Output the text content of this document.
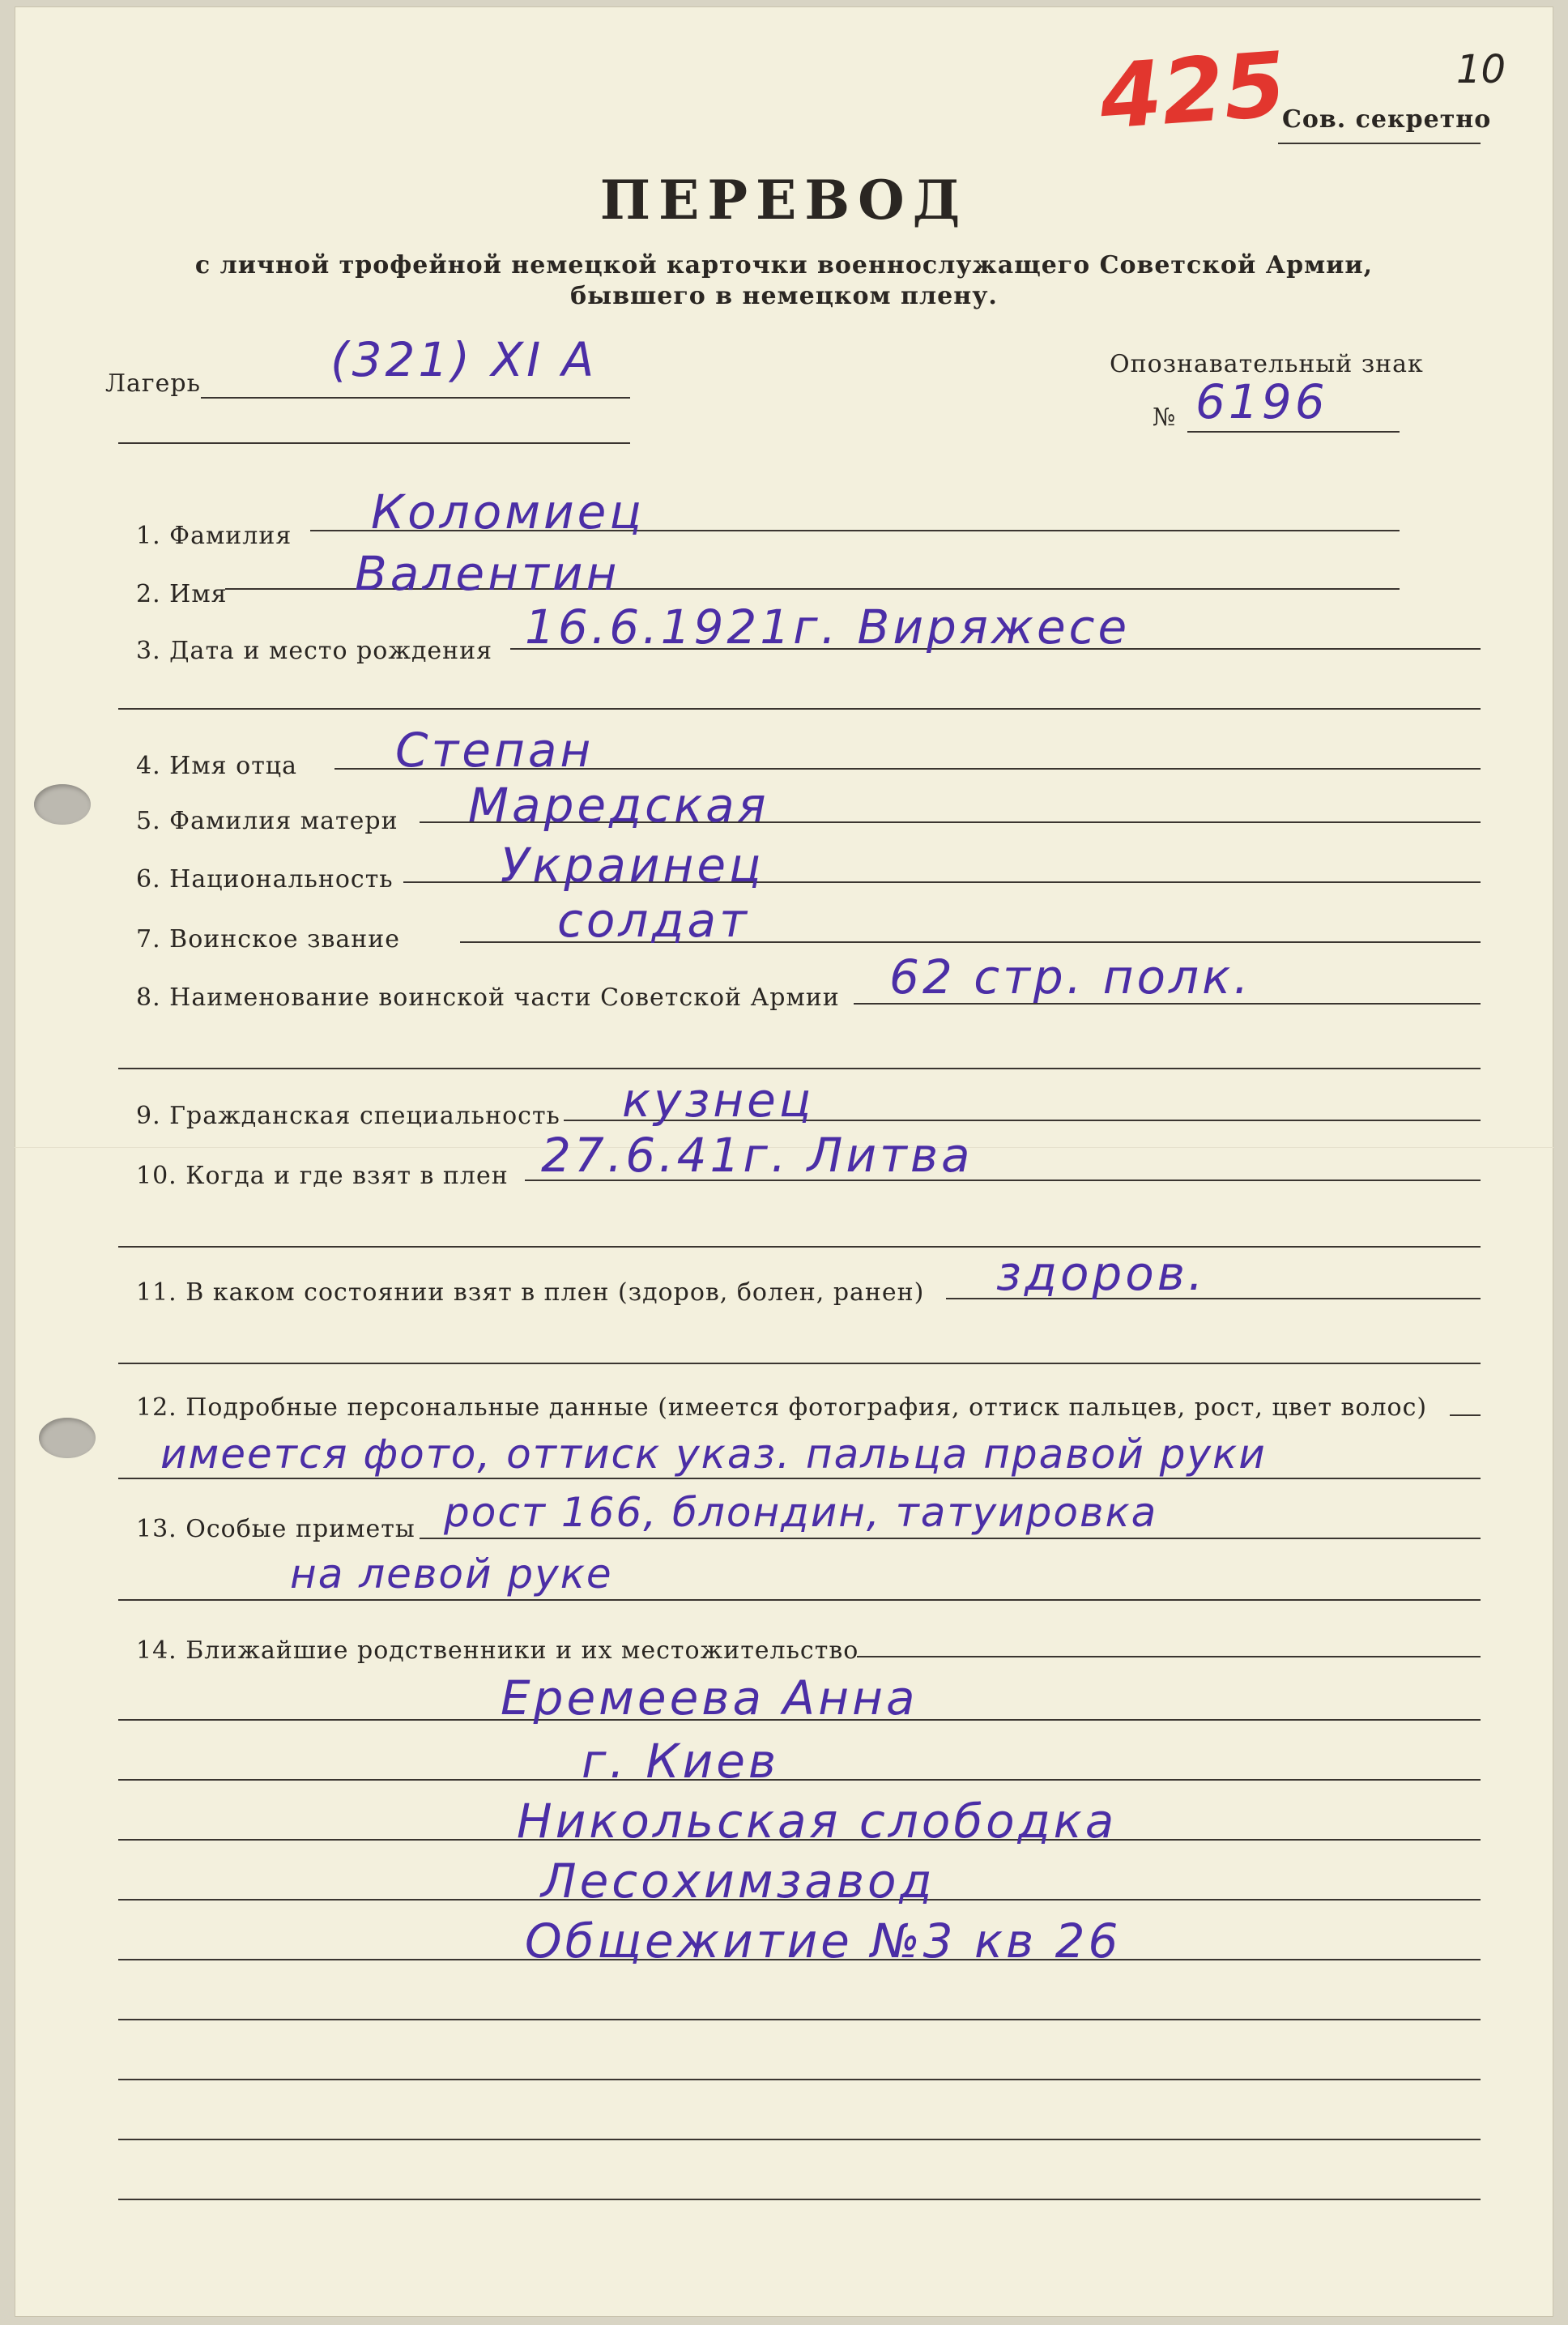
425	10
Сов. секретно
ПЕРЕВОД
с личной трофейной немецкой карточки военнослужащего Советской Армии,
бывшего в немецком плену.
Лагерь	(321) XI A	Опознавательный знак
№ 6196
1. Фамилия Коломиец
2. Имя	Валентин
3. Дата и место рождения 16.6.1921г. Виряжесе
4. Имя отца Степан
5. Фамилия матери Маредская
6. Национальность Украинец
7. Воинское звание	солдат
8. Наименование воинской части Советской Армии 62 стр. полк.
9. Гражданская специальность кузнец
10. Когда и где взят в плен 27.6.41г. Литва
11. В каком состоянии взят в плен (здоров, болен, ранен) здоров.
12. Подробные персональные данные (имеется фотография, оттиск пальцев, рост, цвет волос)
имеется фото, оттиск указ. пальца правой руки
13. Особые приметы рост 166, блондин, татуировка
на левой руке
14. Ближайшие родственники и их местожительство
Еремеева Анна
г. Киев
Никольская слободка
Лесохимзавод
Общежитие №3 кв 26
